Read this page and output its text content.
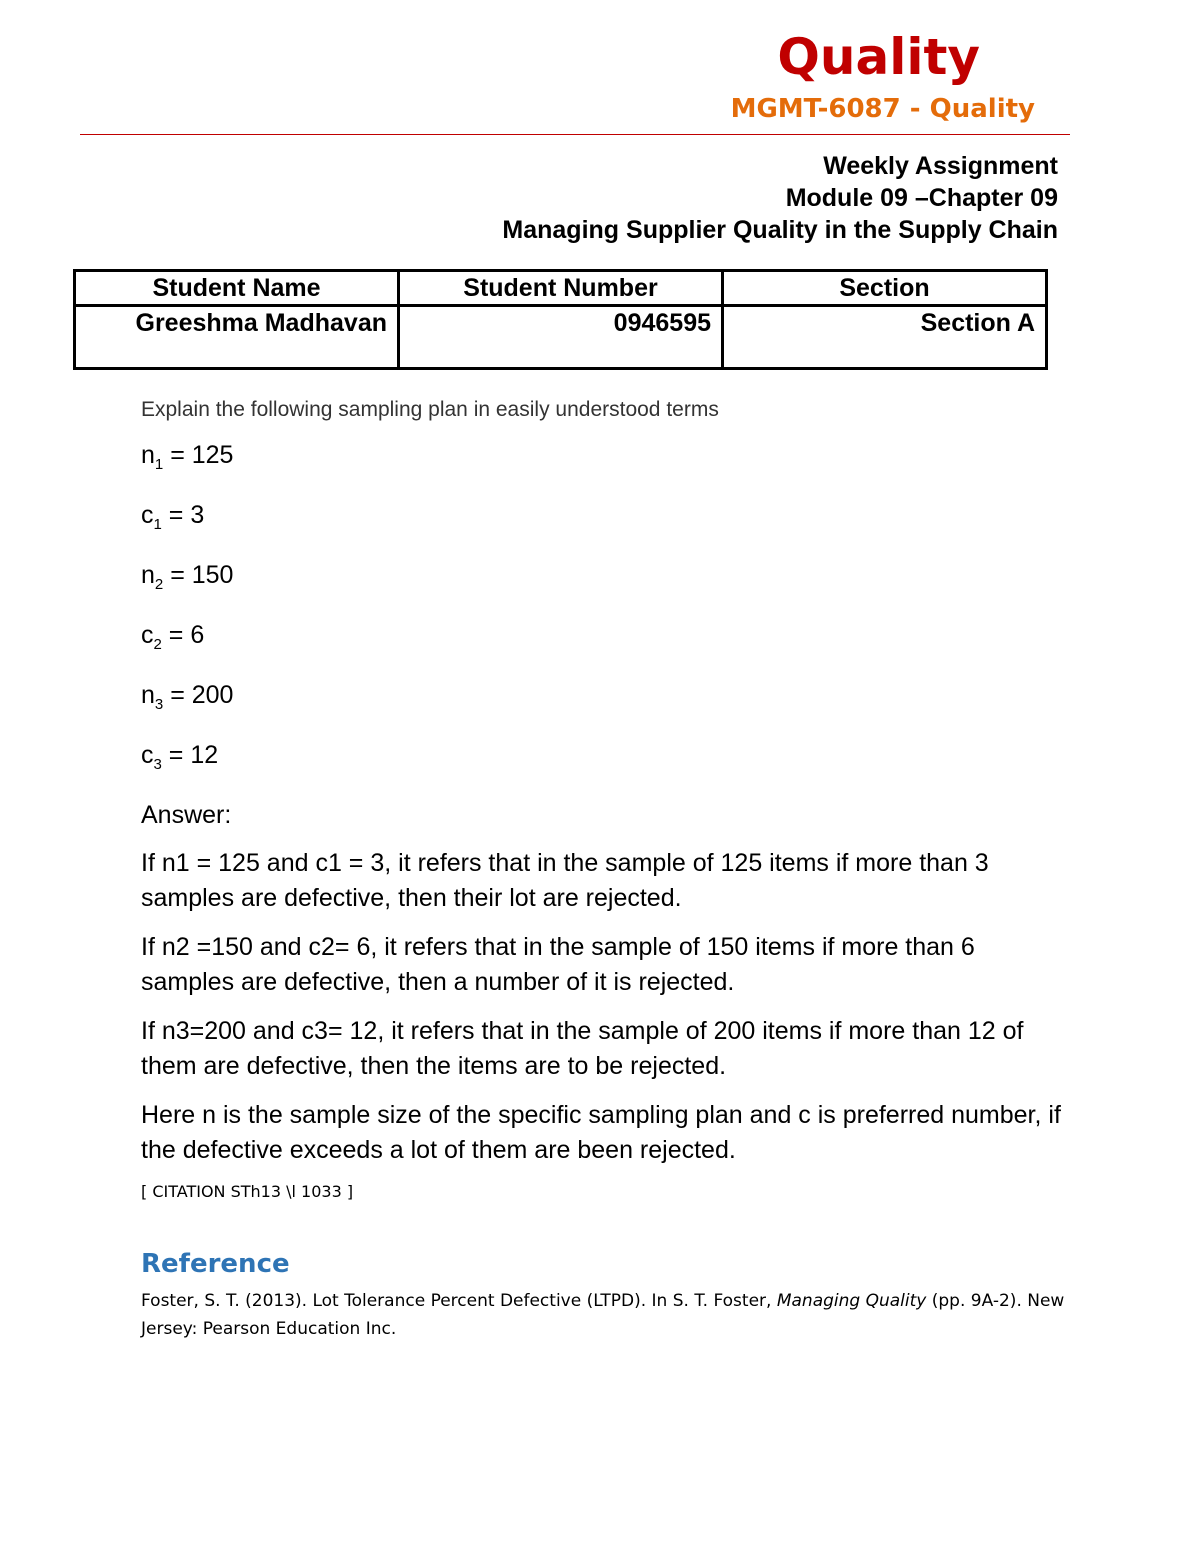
Quality
MGMT-6087 - Quality
Weekly Assignment
Module 09 –Chapter 09
Managing Supplier Quality in the Supply Chain
Student Name	Student Number	Section
Greeshma Madhavan	0946595	Section A

Explain the following sampling plan in easily understood terms

$n_1 = 125$

$c_1 = 3$

$n_2 = 150$

$c_2 = 6$

$n_3 = 200$

$c_3 = 12$

Answer:

If n1 = 125 and c1 = 3, it refers that in the sample of 125 items if more than 3 samples are defective, then their lot are rejected.

If n2 =150 and c2= 6, it refers that in the sample of 150 items if more than 6 samples are defective, then a number of it is rejected.

If n3=200 and c3= 12, it refers that in the sample of 200 items if more than 12 of them are defective, then the items are to be rejected.

Here n is the sample size of the specific sampling plan and c is preferred number, if the defective exceeds a lot of them are been rejected.

[ CITATION STh13 \l 1033 ]

Reference
Foster, S. T. (2013). Lot Tolerance Percent Defective (LTPD). In S. T. Foster, Managing Quality (pp. 9A-2). New Jersey: Pearson Education Inc.
